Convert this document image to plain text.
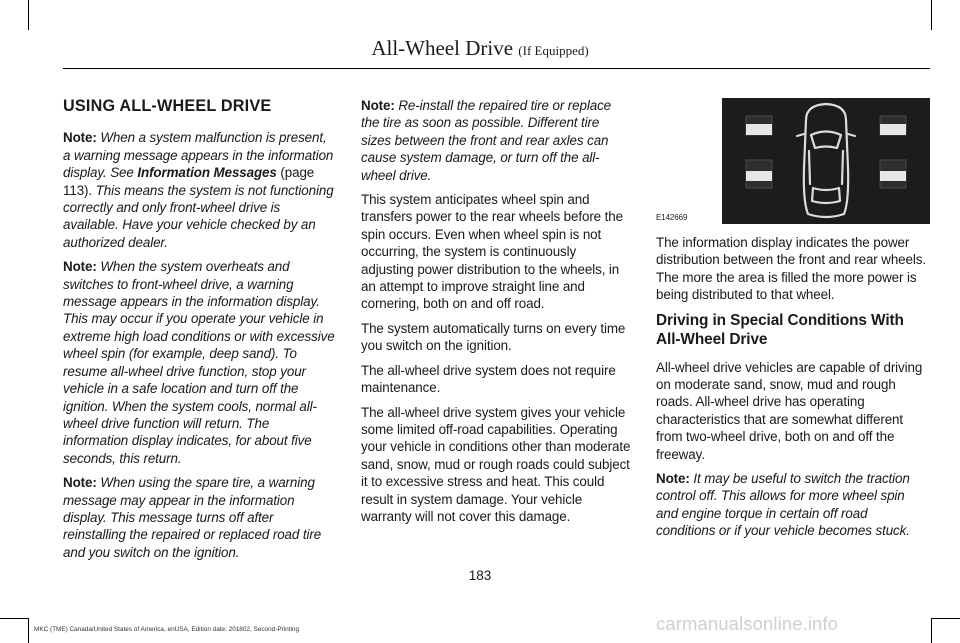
All-Wheel Drive (If Equipped)
USING ALL-WHEEL DRIVE

Note: When a system malfunction is present, a warning message appears in the information display. See Information Messages (page 113). This means the system is not functioning correctly and only front-wheel drive is available. Have your vehicle checked by an authorized dealer.

Note: When the system overheats and switches to front-wheel drive, a warning message appears in the information display. This may occur if you operate your vehicle in extreme high load conditions or with excessive wheel spin (for example, deep sand). To resume all-wheel drive function, stop your vehicle in a safe location and turn off the ignition. When the system cools, normal all-wheel drive function will return. The information display indicates, for about five seconds, this return.

Note: When using the spare tire, a warning message may appear in the information display. This message turns off after reinstalling the repaired or replaced road tire and you switch on the ignition.

Note: Re-install the repaired tire or replace the tire as soon as possible. Different tire sizes between the front and rear axles can cause system damage, or turn off the all-wheel drive.

This system anticipates wheel spin and transfers power to the rear wheels before the spin occurs. Even when wheel spin is not occurring, the system is continuously adjusting power distribution to the wheels, in an attempt to improve straight line and cornering, both on and off road.

The system automatically turns on every time you switch on the ignition.

The all-wheel drive system does not require maintenance.

The all-wheel drive system gives your vehicle some limited off-road capabilities. Operating your vehicle in conditions other than moderate sand, snow, mud or rough roads could subject it to excessive stress and heat. This could result in system damage. Your vehicle warranty will not cover this damage.

E142669

The information display indicates the power distribution between the front and rear wheels. The more the area is filled the more power is being distributed to that wheel.

Driving in Special Conditions With All-Wheel Drive

All-wheel drive vehicles are capable of driving on moderate sand, snow, mud and rough roads. All-wheel drive has operating characteristics that are somewhat different from two-wheel drive, both on and off the freeway.

Note: It may be useful to switch the traction control off. This allows for more wheel spin and engine torque in certain off road conditions or if your vehicle becomes stuck.

183
MKC (TME) Canada/United States of America, enUSA, Edition date: 201802, Second-Printing	carmanualsonline.info
